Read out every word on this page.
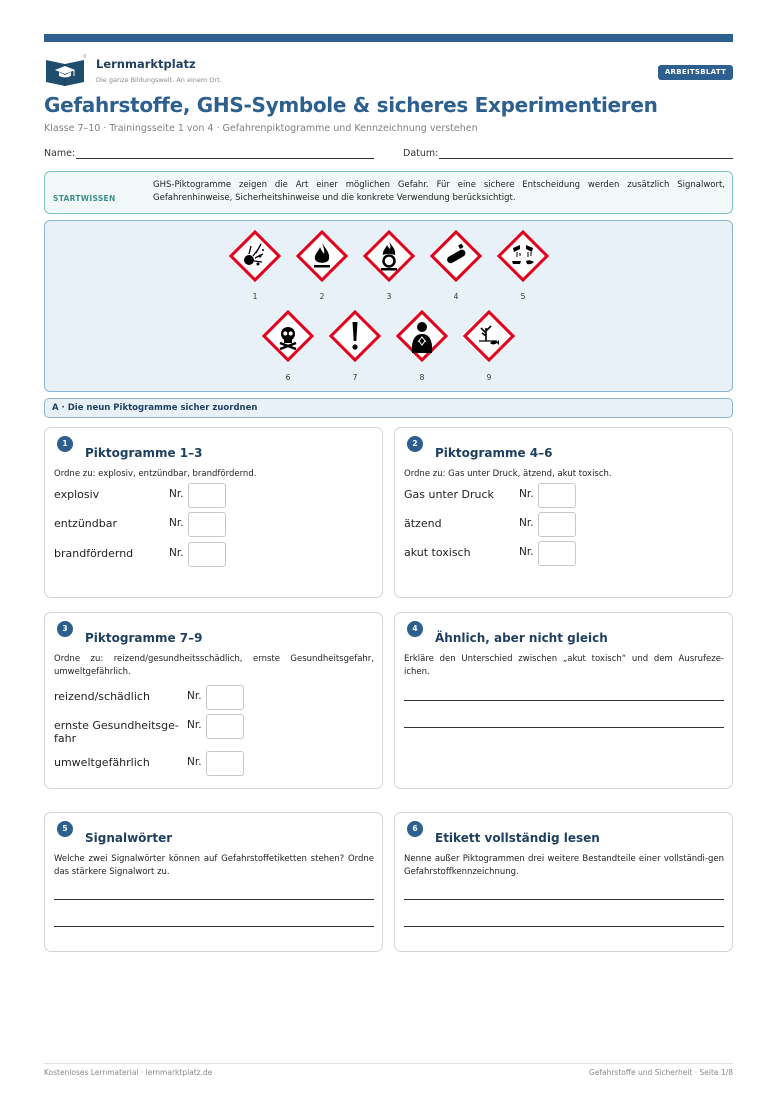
Lernmarktplatz
Die ganze Bildungswelt. An einem Ort.
ARBEITSBLATT
Gefahrstoffe, GHS-Symbole & sicheres Experimentieren
Klasse 7–10 · Trainingsseite 1 von 4 · Gefahrenpiktogramme und Kennzeichnung verstehen
Name:	Datum:
STARTWISSEN
GHS-Piktogramme zeigen die Art einer möglichen Gefahr. Für eine sichere Entscheidung werden zusätzlich Signalwort, Gefahrenhinweise, Sicherheitshinweise und die konkrete Verwendung berücksichtigt.
1	2	3	4	5
6	7	8	9
A · Die neun Piktogramme sicher zuordnen
1
Piktogramme 1–3
Ordne zu: explosiv, entzündbar, brandfördernd.
explosiv	Nr.
entzündbar	Nr.
brandfördernd	Nr.
2
Piktogramme 4–6
Ordne zu: Gas unter Druck, ätzend, akut toxisch.
Gas unter Druck Nr.
ätzend	Nr.
akut toxisch	Nr.
3
Piktogramme 7–9
Ordne zu: reizend/gesundheitsschädlich, ernste Gesundheitsgefahr, umweltgefährlich.
reizend/schädlich	Nr.
ernste Gesundheitsge-fahr
Nr.
umweltgefährlich	Nr.
4
Ähnlich, aber nicht gleich
Erkläre den Unterschied zwischen „akut toxisch“ und dem Ausrufeze-ichen.
5
Signalwörter
Welche zwei Signalwörter können auf Gefahrstoffetiketten stehen? Ordne das stärkere Signalwort zu.
6
Etikett vollständig lesen
Nenne außer Piktogrammen drei weitere Bestandteile einer vollständi-gen Gefahrstoffkennzeichnung.
Kostenloses Lernmaterial · lernmarktplatz.de	Gefahrstoffe und Sicherheit · Seite 1/8
